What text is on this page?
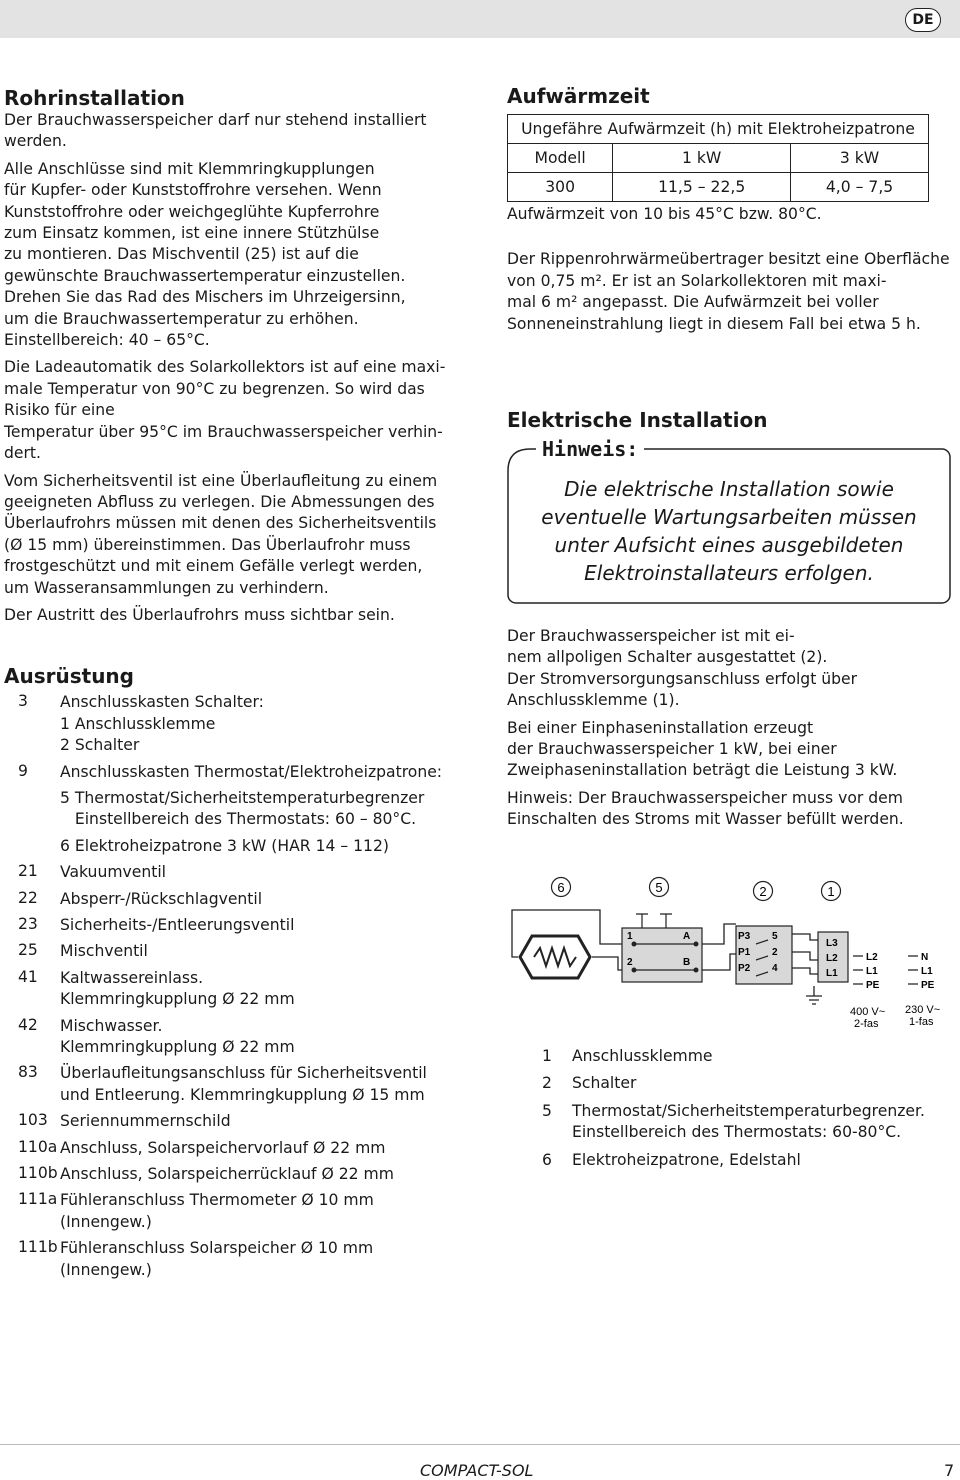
DE
Rohrinstallation
Der Brauchwasserspeicher darf nur stehend installiert
werden.
Alle Anschlüsse sind mit Klemmringkupplungen
für Kupfer- oder Kunststoffrohre versehen. Wenn
Kunststoffrohre oder weichgeglühte Kupferrohre
zum Einsatz kommen, ist eine innere Stützhülse
zu montieren. Das Mischventil (25) ist auf die
gewünschte Brauchwassertemperatur einzustellen.
Drehen Sie das Rad des Mischers im Uhrzeigersinn,
um die Brauchwassertemperatur zu erhöhen.
Einstellbereich: 40 – 65°C.
Die Ladeautomatik des Solarkollektors ist auf eine maxi-
male Temperatur von 90°C zu begrenzen. So wird das
Risiko für eine
Temperatur über 95°C im Brauchwasserspeicher verhin-
dert.
Vom Sicherheitsventil ist eine Überlaufleitung zu einem
geeigneten Abfluss zu verlegen. Die Abmessungen des
Überlaufrohrs müssen mit denen des Sicherheitsventils
(Ø 15 mm) übereinstimmen. Das Überlaufrohr muss
frostgeschützt und mit einem Gefälle verlegt werden,
um Wasseransammlungen zu verhindern.
Der Austritt des Überlaufrohrs muss sichtbar sein.
Ausrüstung
3	Anschlusskasten Schalter:
1 Anschlussklemme
2 Schalter
9	Anschlusskasten Thermostat/Elektroheizpatrone:
5 Thermostat/Sicherheitstemperaturbegrenzer
Einstellbereich des Thermostats: 60 – 80°C.
6 Elektroheizpatrone 3 kW (HAR 14 – 112)
21	Vakuumventil
22	Absperr-/Rückschlagventil
23	Sicherheits-/Entleerungsventil
25	Mischventil
41	Kaltwassereinlass.
Klemmringkupplung Ø 22 mm
42	Mischwasser.
Klemmringkupplung Ø 22 mm
83	Überlaufleitungsanschluss für Sicherheitsventil
und Entleerung. Klemmringkupplung Ø 15 mm
103 Seriennummernschild
110a Anschluss, Solarspeichervorlauf Ø 22 mm
110b Anschluss, Solarspeicherrücklauf Ø 22 mm
111a Fühleranschluss Thermometer Ø 10 mm
(Innengew.)
111b Fühleranschluss Solarspeicher Ø 10 mm
(Innengew.)
Aufwärmzeit
Ungefähre Aufwärmzeit (h) mit Elektroheizpatrone		
Modell	1 kW	3 kW
300	11,5 – 22,5	4,0 – 7,5
Aufwärmzeit von 10 bis 45°C bzw. 80°C.
Der Rippenrohrwärmeübertrager besitzt eine Oberfläche
von 0,75 m². Er ist an Solarkollektoren mit maxi-
mal 6 m² angepasst. Die Aufwärmzeit bei voller
Sonneneinstrahlung liegt in diesem Fall bei etwa 5 h.
Elektrische Installation
Hinweis:
Die elektrische Installation sowie
eventuelle Wartungsarbeiten müssen
unter Aufsicht eines ausgebildeten
Elektroinstallateurs erfolgen.
Der Brauchwasserspeicher ist mit ei-
nem allpoligen Schalter ausgestattet (2).
Der Stromversorgungsanschluss erfolgt über
Anschlussklemme (1).
Bei einer Einphaseninstallation erzeugt
der Brauchwasserspeicher 1 kW, bei einer
Zweiphaseninstallation beträgt die Leistung 3 kW.
Hinweis: Der Brauchwasserspeicher muss vor dem
Einschalten des Stroms mit Wasser befüllt werden.
6	5	2	1
1	A
2	B
P3 5
P1 2
P2 4
L3
L2
L1
L2
L1
PE
400 V~
2-fas
N
L1
PE
230 V~
1-fas
1	Anschlussklemme
2	Schalter
5	Thermostat/Sicherheitstemperaturbegrenzer.
Einstellbereich des Thermostats: 60-80°C.
6	Elektroheizpatrone, Edelstahl
COMPACT-SOL	7
